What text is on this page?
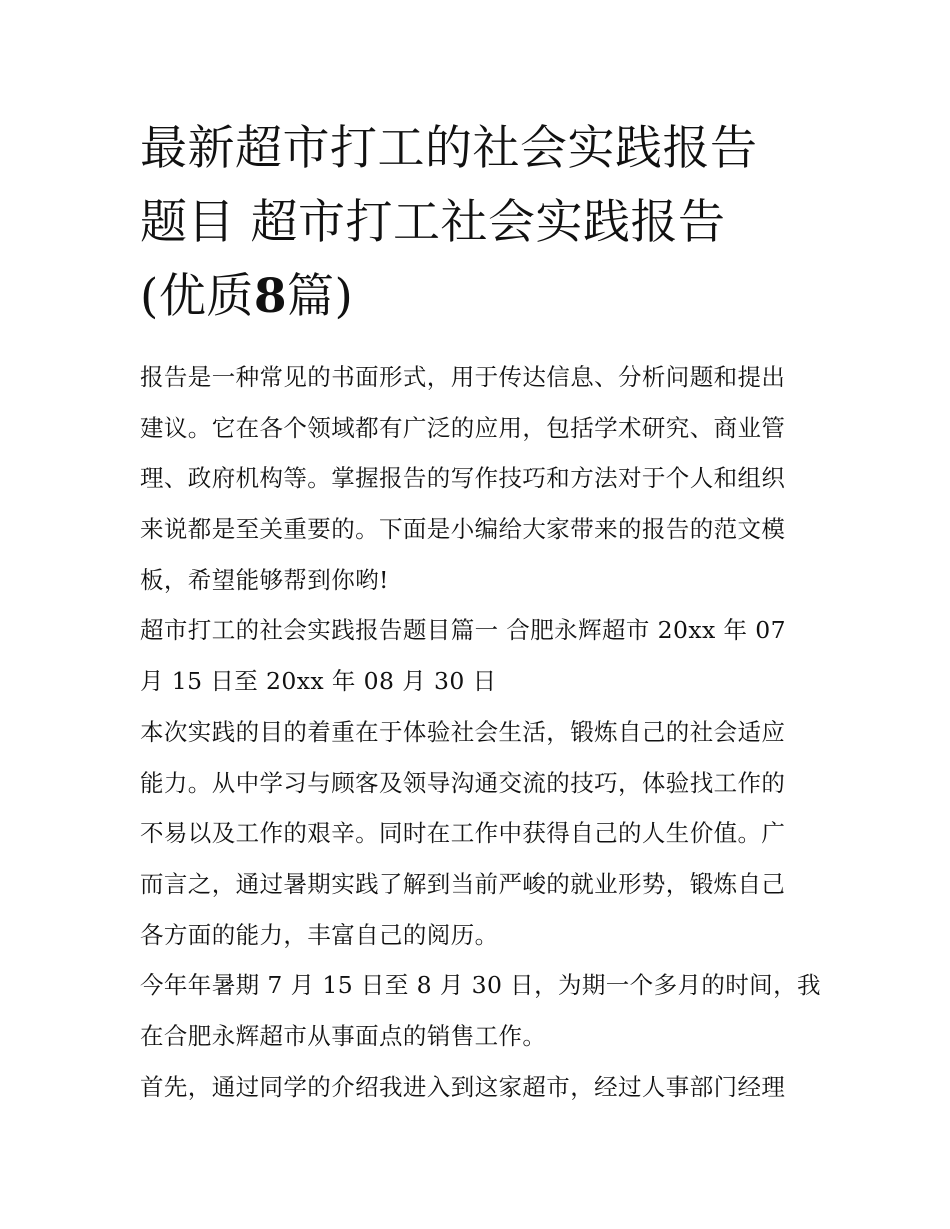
最新超市打工的社会实践报告
题目 超市打工社会实践报告
(优质8篇)
报告是一种常见的书面形式，用于传达信息、分析问题和提出
建议。它在各个领域都有广泛的应用，包括学术研究、商业管
理、政府机构等。掌握报告的写作技巧和方法对于个人和组织
来说都是至关重要的。下面是小编给大家带来的报告的范文模
板，希望能够帮到你哟!
超市打工的社会实践报告题目篇一 合肥永辉超市 20xx 年 07
月 15 日至 20xx 年 08 月 30 日
本次实践的目的着重在于体验社会生活，锻炼自己的社会适应
能力。从中学习与顾客及领导沟通交流的技巧，体验找工作的
不易以及工作的艰辛。同时在工作中获得自己的人生价值。广
而言之，通过暑期实践了解到当前严峻的就业形势，锻炼自己
各方面的能力，丰富自己的阅历。
今年年暑期 7 月 15 日至 8 月 30 日，为期一个多月的时间，我
在合肥永辉超市从事面点的销售工作。
首先，通过同学的介绍我进入到这家超市，经过人事部门经理
